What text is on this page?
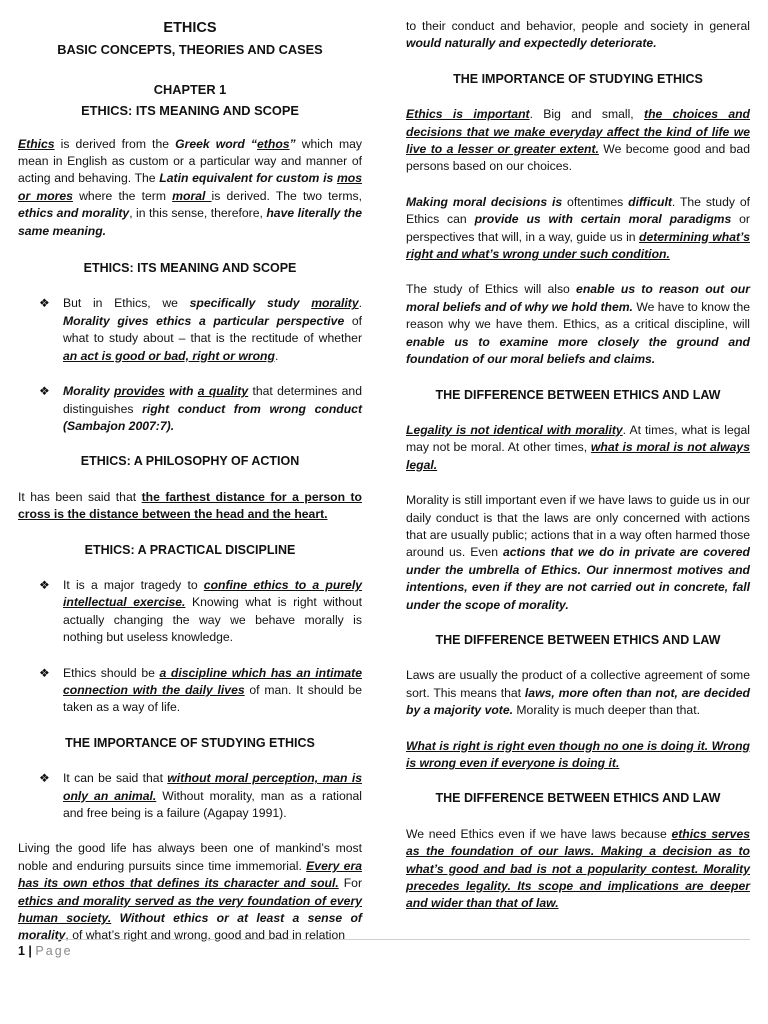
ETHICS
BASIC CONCEPTS, THEORIES AND CASES
CHAPTER 1
ETHICS: ITS MEANING AND SCOPE

Ethics is derived from the Greek word “ethos” which may mean in English as custom or a particular way and manner of acting and behaving. The Latin equivalent for custom is mos or mores where the term moral is derived. The two terms, ethics and morality, in this sense, therefore, have literally the same meaning.

ETHICS: ITS MEANING AND SCOPE
❖ But in Ethics, we specifically study morality. Morality gives ethics a particular perspective of what to study about – that is the rectitude of whether an act is good or bad, right or wrong.
❖ Morality provides with a quality that determines and distinguishes right conduct from wrong conduct (Sambajon 2007:7).
ETHICS: A PHILOSOPHY OF ACTION

It has been said that the farthest distance for a person to cross is the distance between the head and the heart.

ETHICS: A PRACTICAL DISCIPLINE
❖ It is a major tragedy to confine ethics to a purely intellectual exercise. Knowing what is right without actually changing the way we behave morally is nothing but useless knowledge.
❖ Ethics should be a discipline which has an intimate connection with the daily lives of man. It should be taken as a way of life.
THE IMPORTANCE OF STUDYING ETHICS
❖ It can be said that without moral perception, man is only an animal. Without morality, man as a rational and free being is a failure (Agapay 1991).

Living the good life has always been one of mankind’s most noble and enduring pursuits since time immemorial. Every era has its own ethos that defines its character and soul. For ethics and morality served as the very foundation of every human society. Without ethics or at least a sense of morality, of what’s right and wrong, good and bad in relation

to their conduct and behavior, people and society in general would naturally and expectedly deteriorate.

THE IMPORTANCE OF STUDYING ETHICS

Ethics is important. Big and small, the choices and decisions that we make everyday affect the kind of life we live to a lesser or greater extent. We become good and bad persons based on our choices.

Making moral decisions is oftentimes difficult. The study of Ethics can provide us with certain moral paradigms or perspectives that will, in a way, guide us in determining what’s right and what’s wrong under such condition.

The study of Ethics will also enable us to reason out our moral beliefs and of why we hold them. We have to know the reason why we have them. Ethics, as a critical discipline, will enable us to examine more closely the ground and foundation of our moral beliefs and claims.

THE DIFFERENCE BETWEEN ETHICS AND LAW

Legality is not identical with morality. At times, what is legal may not be moral. At other times, what is moral is not always legal.

Morality is still important even if we have laws to guide us in our daily conduct is that the laws are only concerned with actions that are usually public; actions that in a way often harmed those around us. Even actions that we do in private are covered under the umbrella of Ethics. Our innermost motives and intentions, even if they are not carried out in concrete, fall under the scope of morality.

THE DIFFERENCE BETWEEN ETHICS AND LAW

Laws are usually the product of a collective agreement of some sort. This means that laws, more often than not, are decided by a majority vote. Morality is much deeper than that.

What is right is right even though no one is doing it. Wrong is wrong even if everyone is doing it.

THE DIFFERENCE BETWEEN ETHICS AND LAW

We need Ethics even if we have laws because ethics serves as the foundation of our laws. Making a decision as to what’s good and bad is not a popularity contest. Morality precedes legality. Its scope and implications are deeper and wider than that of law.

1 | Page
